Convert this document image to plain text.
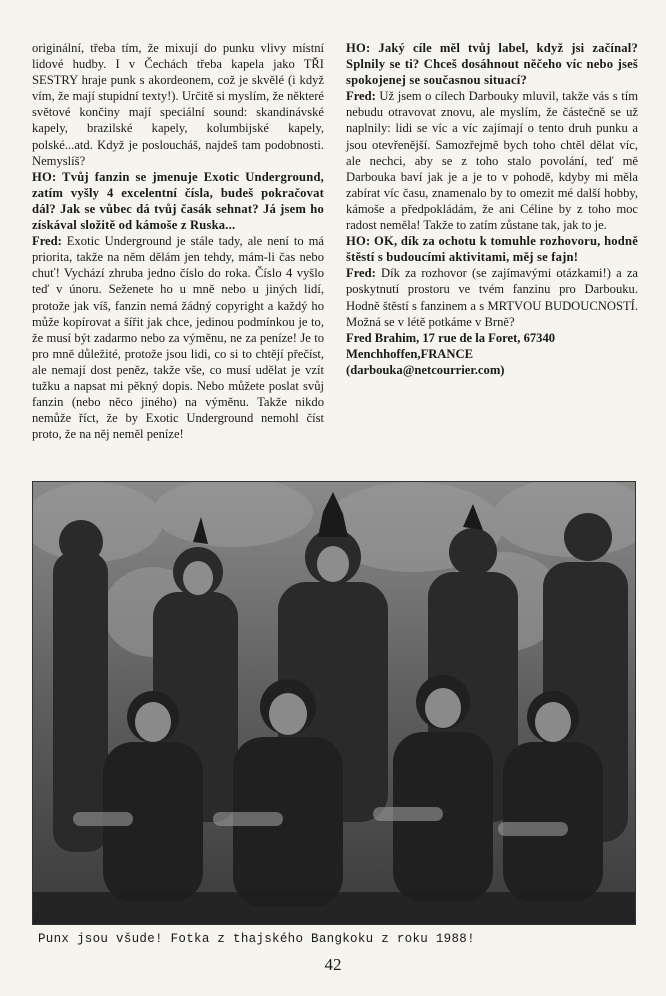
originální, třeba tím, že mixují do punku vlivy místní lidové hudby. I v Čechách třeba kapela jako TŘI SESTRY hraje punk s akordeonem, což je skvělé (i když vím, že mají stupidní texty!). Určitě si myslím, že některé světové končiny mají speciální sound: skandinávské kapely, brazilské kapely, kolumbijské kapely, polské...atd. Když je posloucháš, najdeš tam podobnosti. Nemyslíš?

HO: Tvůj fanzin se jmenuje Exotic Underground, zatím vyšly 4 excelentní čísla, budeš pokračovat dál? Jak se vůbec dá tvůj časák sehnat? Já jsem ho získával složitě od kámoše z Ruska...

Fred: Exotic Underground je stále tady, ale není to má priorita, takže na něm dělám jen tehdy, mám-li čas nebo chuť! Vychází zhruba jedno číslo do roka. Číslo 4 vyšlo teď v únoru. Seženete ho u mně nebo u jiných lidí, protože jak víš, fanzin nemá žádný copyright a každý ho může kopírovat a šířit jak chce, jedinou podmínkou je to, že musí být zadarmo nebo za výměnu, ne za peníze! Je to pro mně důležité, protože jsou lidi, co si to chtějí přečíst, ale nemají dost peněz, takže vše, co musí udělat je vzít tužku a napsat mi pěkný dopis. Nebo můžete poslat svůj fanzin (nebo něco jiného) na výměnu. Takže nikdo nemůže říct, že by Exotic Underground nemohl číst proto, že na něj neměl peníze!

HO: Jaký cíle měl tvůj label, když jsi začínal? Splnily se ti? Chceš dosáhnout něčeho víc nebo jseš spokojenej se současnou situací?

Fred: Už jsem o cílech Darbouky mluvil, takže vás s tím nebudu otravovat znovu, ale myslím, že částečně se už naplnily: lidi se víc a víc zajímají o tento druh punku a jsou otevřenější. Samozřejmě bych toho chtěl dělat víc, ale nechci, aby se z toho stalo povolání, teď mě Darbouka baví jak je a je to v pohodě, kdyby mi měla zabírat víc času, znamenalo by to omezit mé další hobby, kámoše a předpokládám, že ani Céline by z toho moc radost neměla! Takže to zatím zůstane tak, jak to je.

HO: OK, dík za ochotu k tomuhle rozhovoru, hodně štěstí s budoucími aktivitami, měj se fajn!

Fred: Dík za rozhovor (se zajímavými otázkami!) a za poskytnutí prostoru ve tvém fanzinu pro Darbouku. Hodně štěstí s fanzinem a s MRTVOU BUDOUCNOSTÍ. Možná se v létě potkáme v Brně?

Fred Brahim, 17 rue de la Foret, 67340
Menchhoffen,FRANCE
(darbouka@netcourrier.com)

Punx jsou všude! Fotka z thajského Bangkoku z roku 1988!
42
